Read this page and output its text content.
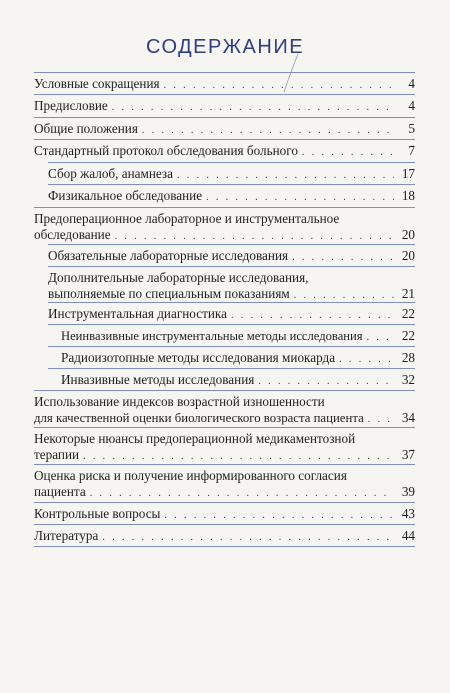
СОДЕРЖАНИЕ
Условные сокращения . . .	4
Предисловие . . .	4
Общие положения . . .	5
Стандартный протокол обследования больного . . .	7
Сбор жалоб, анамнеза . . .	17
Физикальное обследование . . .	18
Предоперационное лабораторное и инструментальное
обследование . . .	20
Обязательные лабораторные исследования . . .	20
Дополнительные лабораторные исследования,
выполняемые по специальным показаниям . . .	21
Инструментальная диагностика . . .	22
Неинвазивные инструментальные методы исследования . . .	22
Радиоизотопные методы исследования миокарда . . .	28
Инвазивные методы исследования . . .	32
Использование индексов возрастной изношенности
для качественной оценки биологического возраста пациента . . .	34
Некоторые нюансы предоперационной медикаментозной
терапии . . .	37
Оценка риска и получение информированного согласия
пациента . . .	39
Контрольные вопросы . . .	43
Литература . . .	44
